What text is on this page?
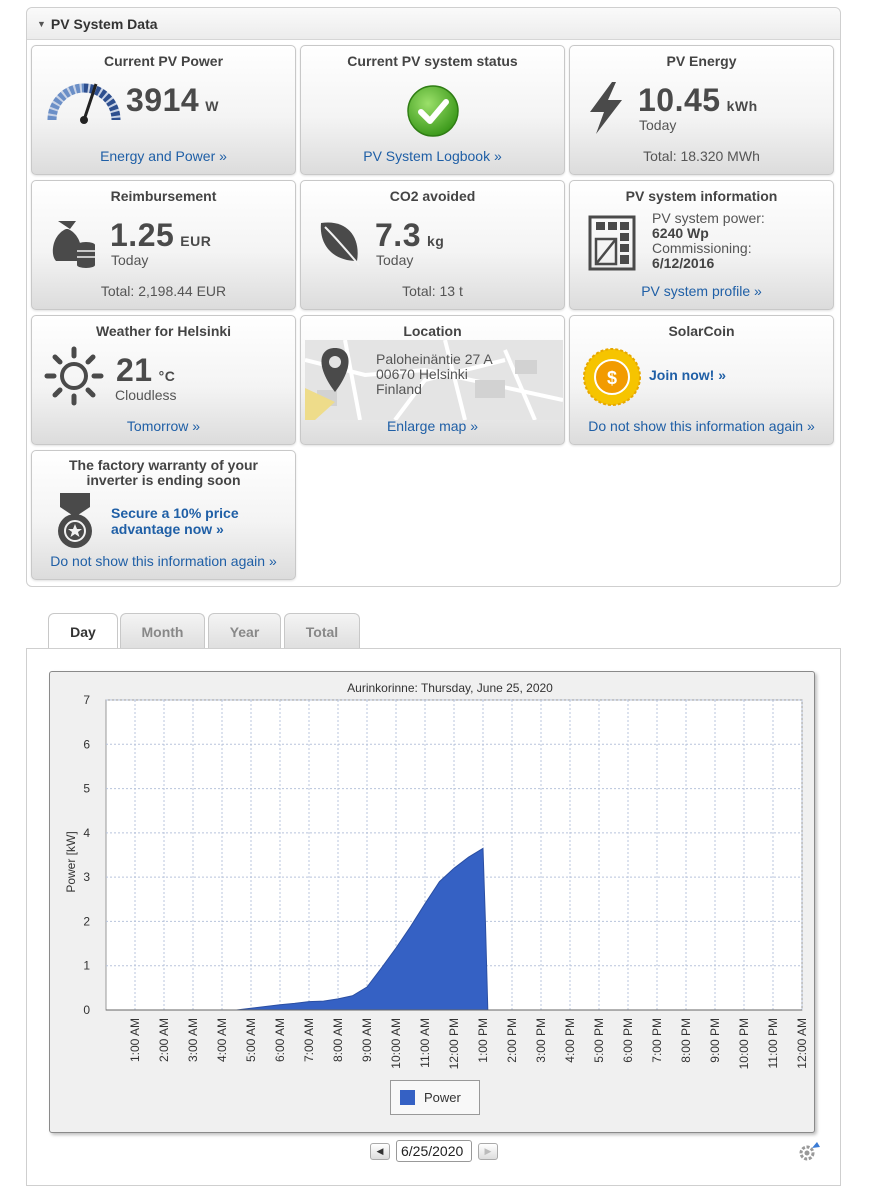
▼ PV System Data
Current PV Power
3914 W
Energy and Power »
Current PV system status
PV System Logbook »
PV Energy
10.45 kWh
Today
Total: 18.320 MWh
Reimbursement
1.25 EUR
Today
Total: 2,198.44 EUR
CO2 avoided
7.3 kg
Today
Total: 13 t
PV system information
PV system power:
6240 Wp
Commissioning:
6/12/2016
PV system profile »
Weather for Helsinki
21 °C
Cloudless
Tomorrow »
Location
Paloheinäntie 27 A
00670 Helsinki
Finland
Enlarge map »
SolarCoin
$ Join now! »
Do not show this information again »
The factory warranty of your
inverter is ending soon
Secure a 10% price
advantage now »
Do not show this information again »
Day	Month	Year	Total
Aurinkorinne: Thursday, June 25, 2020
Power [kW]
0
1
2
3
4
5
6
7
1:00 AM 2:00 AM 3:00 AM 4:00 AM 5:00 AM 6:00 AM 7:00 AM 8:00 AM 9:00 AM 10:00 AM 11:00 AM 12:00 PM 1:00 PM 2:00 PM 3:00 PM 4:00 PM 5:00 PM 6:00 PM 7:00 PM 8:00 PM 9:00 PM 10:00 PM 11:00 PM 12:00 AM
Power
◀
6/25/2020	▶
